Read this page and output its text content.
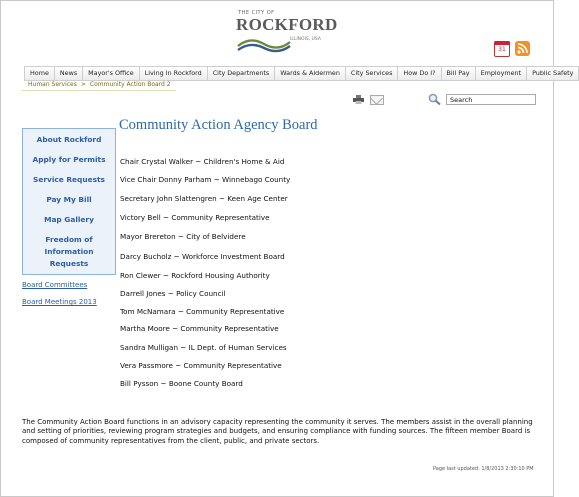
THE CITY OF
ROCKFORD
ILLINOIS, USA
31
Home	News	Mayor's Office	Living In Rockford	City Departments	Wards & Aldermen	City Services	How Do I?	Bill Pay	Employment	Public Safety
Human Services > Community Action Board 2
Search
About Rockford
Apply for Permits
Service Requests
Pay My Bill
Map Gallery
Freedom of
Information
Requests
Board Committees
Board Meetings 2013
Community Action Agency Board
Chair Crystal Walker ~ Children's Home & Aid
Vice Chair Donny Parham ~ Winnebago County
Secretary John Slattengren ~ Keen Age Center
Victory Bell ~ Community Representative
Mayor Brereton ~ City of Belvidere
Darcy Bucholz ~ Workforce Investment Board
Ron Clewer ~ Rockford Housing Authority
Darrell Jones ~ Policy Council
Tom McNamara ~ Community Representative
Martha Moore ~ Community Representative
Sandra Mulligan ~ IL Dept. of Human Services
Vera Passmore ~ Community Representative
Bill Pysson ~ Boone County Board
The Community Action Board functions in an advisory capacity representing the community it serves. The members assist in the overall planning and setting of priorities, reviewing program strategies and budgets, and ensuring compliance with funding sources. The fifteen member Board is composed of community representatives from the client, public, and private sectors.
Page last updated: 1/8/2013 2:30:10 PM
